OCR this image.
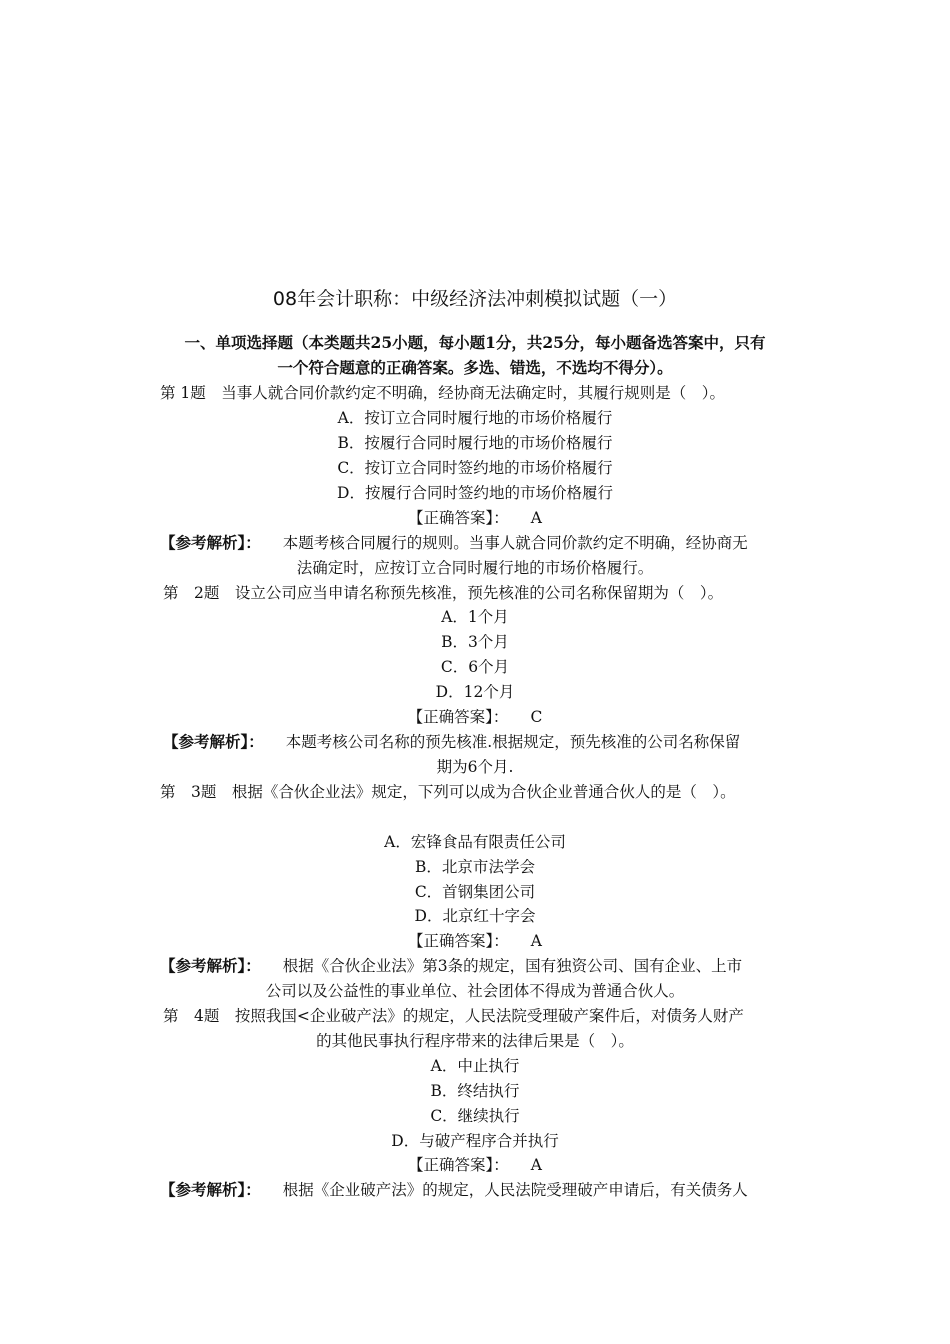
08年会计职称：中级经济法冲刺模拟试题（一）
一、单项选择题（本类题共25小题，每小题1分，共25分，每小题备选答案中，只有
一个符合题意的正确答案。多选、错选，不选均不得分）。
第 1题　当事人就合同价款约定不明确，经协商无法确定时，其履行规则是（　）。
A．按订立合同时履行地的市场价格履行
B．按履行合同时履行地的市场价格履行
C．按订立合同时签约地的市场价格履行
D．按履行合同时签约地的市场价格履行
【正确答案】： A
【参考解析】： 本题考核合同履行的规则。当事人就合同价款约定不明确，经协商无
法确定时，应按订立合同时履行地的市场价格履行。
第　2题　设立公司应当申请名称预先核准，预先核准的公司名称保留期为（　）。
A．1个月
B．3个月
C．6个月
D．12个月
【正确答案】： C
【参考解析】： 本题考核公司名称的预先核准.根据规定，预先核准的公司名称保留
期为6个月.
第　3题　根据《合伙企业法》规定，下列可以成为合伙企业普通合伙人的是（　）。
A．宏锋食品有限责任公司
B．北京市法学会
C．首钢集团公司
D．北京红十字会
【正确答案】： A
【参考解析】： 根据《合伙企业法》第3条的规定，国有独资公司、国有企业、上市
公司以及公益性的事业单位、社会团体不得成为普通合伙人。
第　4题　按照我国<企业破产法》的规定，人民法院受理破产案件后，对债务人财产
的其他民事执行程序带来的法律后果是（　）。
A．中止执行
B．终结执行
C．继续执行
D．与破产程序合并执行
【正确答案】： A
【参考解析】： 根据《企业破产法》的规定，人民法院受理破产申请后，有关债务人
